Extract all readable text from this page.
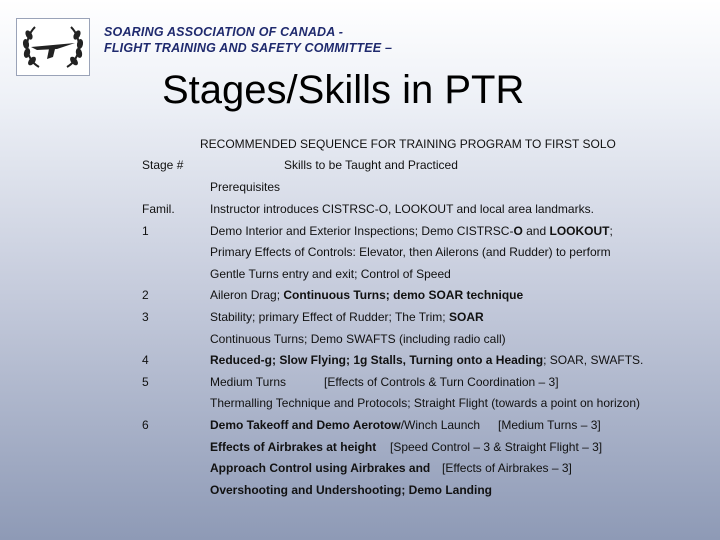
SOARING ASSOCIATION OF CANADA -
FLIGHT TRAINING AND SAFETY COMMITTEE –
Stages/Skills in PTR
RECOMMENDED SEQUENCE FOR TRAINING PROGRAM TO FIRST SOLO
Stage #	Skills to be Taught and Practiced
Prerequisites
Famil.	Instructor introduces CISTRSC-O, LOOKOUT and local area landmarks.
1	Demo Interior and Exterior Inspections; Demo CISTRSC-O and LOOKOUT;
Primary Effects of Controls: Elevator, then Ailerons (and Rudder) to perform
Gentle Turns entry and exit; Control of Speed
2	Aileron Drag; Continuous Turns; demo SOAR technique
3	Stability; primary Effect of Rudder; The Trim; SOAR
Continuous Turns; Demo SWAFTS (including radio call)
4	Reduced-g; Slow Flying; 1g Stalls, Turning onto a Heading; SOAR, SWAFTS.
5	Medium Turns	[Effects of Controls & Turn Coordination – 3]
Thermalling Technique and Protocols; Straight Flight (towards a point on horizon)
6	Demo Takeoff and Demo Aerotow/Winch Launch [Medium Turns – 3]
Effects of Airbrakes at height [Speed Control – 3 & Straight Flight – 3]
Approach Control using Airbrakes and [Effects of Airbrakes – 3]
Overshooting and Undershooting; Demo Landing
